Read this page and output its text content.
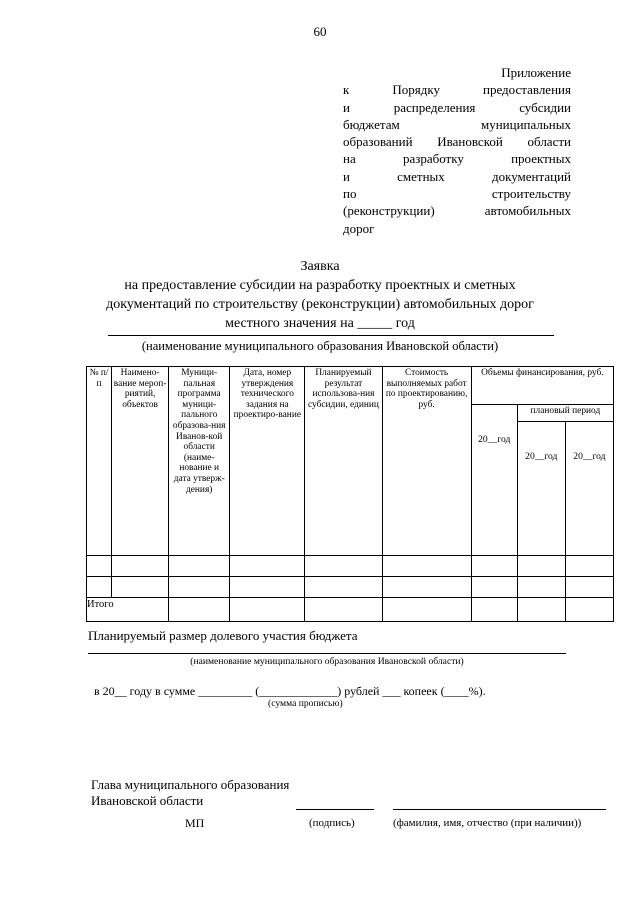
60
Приложение
к	Порядку	предоставления
и	распределения	субсидии
бюджетам	муниципальных
образований Ивановской области
на	разработку	проектных
и	сметных	документаций
по	строительству
(реконструкции)	автомобильных
дорог
Заявка
на предоставление субсидии на разработку проектных и сметных
документаций по строительству (реконструкции) автомобильных дорог
местного значения на _____ год
(наименование муниципального образования Ивановской области)
№ п/п	Наимено-вание мероп-риятий, объектов	Муници-пальная программа муници-пального образова-ния Иванов-кой области (наиме-нование и дата утверж-дения)	Дата, номер утверждения технического задания на проектиро-вание	Планируемый результат использова-ния субсидии, единиц	Стоимость выполняемых работ по проектированию, руб.	Объемы финансирования, руб.		
						20__год	плановый период	
							20__год	20__год

Итого								
Планируемый размер долевого участия бюджета
(наименование муниципального образования Ивановской области)
в 20__ году в сумме _________ (_____________) рублей ___ копеек (____%).
(сумма прописью)
Глава муниципального образования
Ивановской области
МП	(подпись)	(фамилия, имя, отчество (при наличии))
